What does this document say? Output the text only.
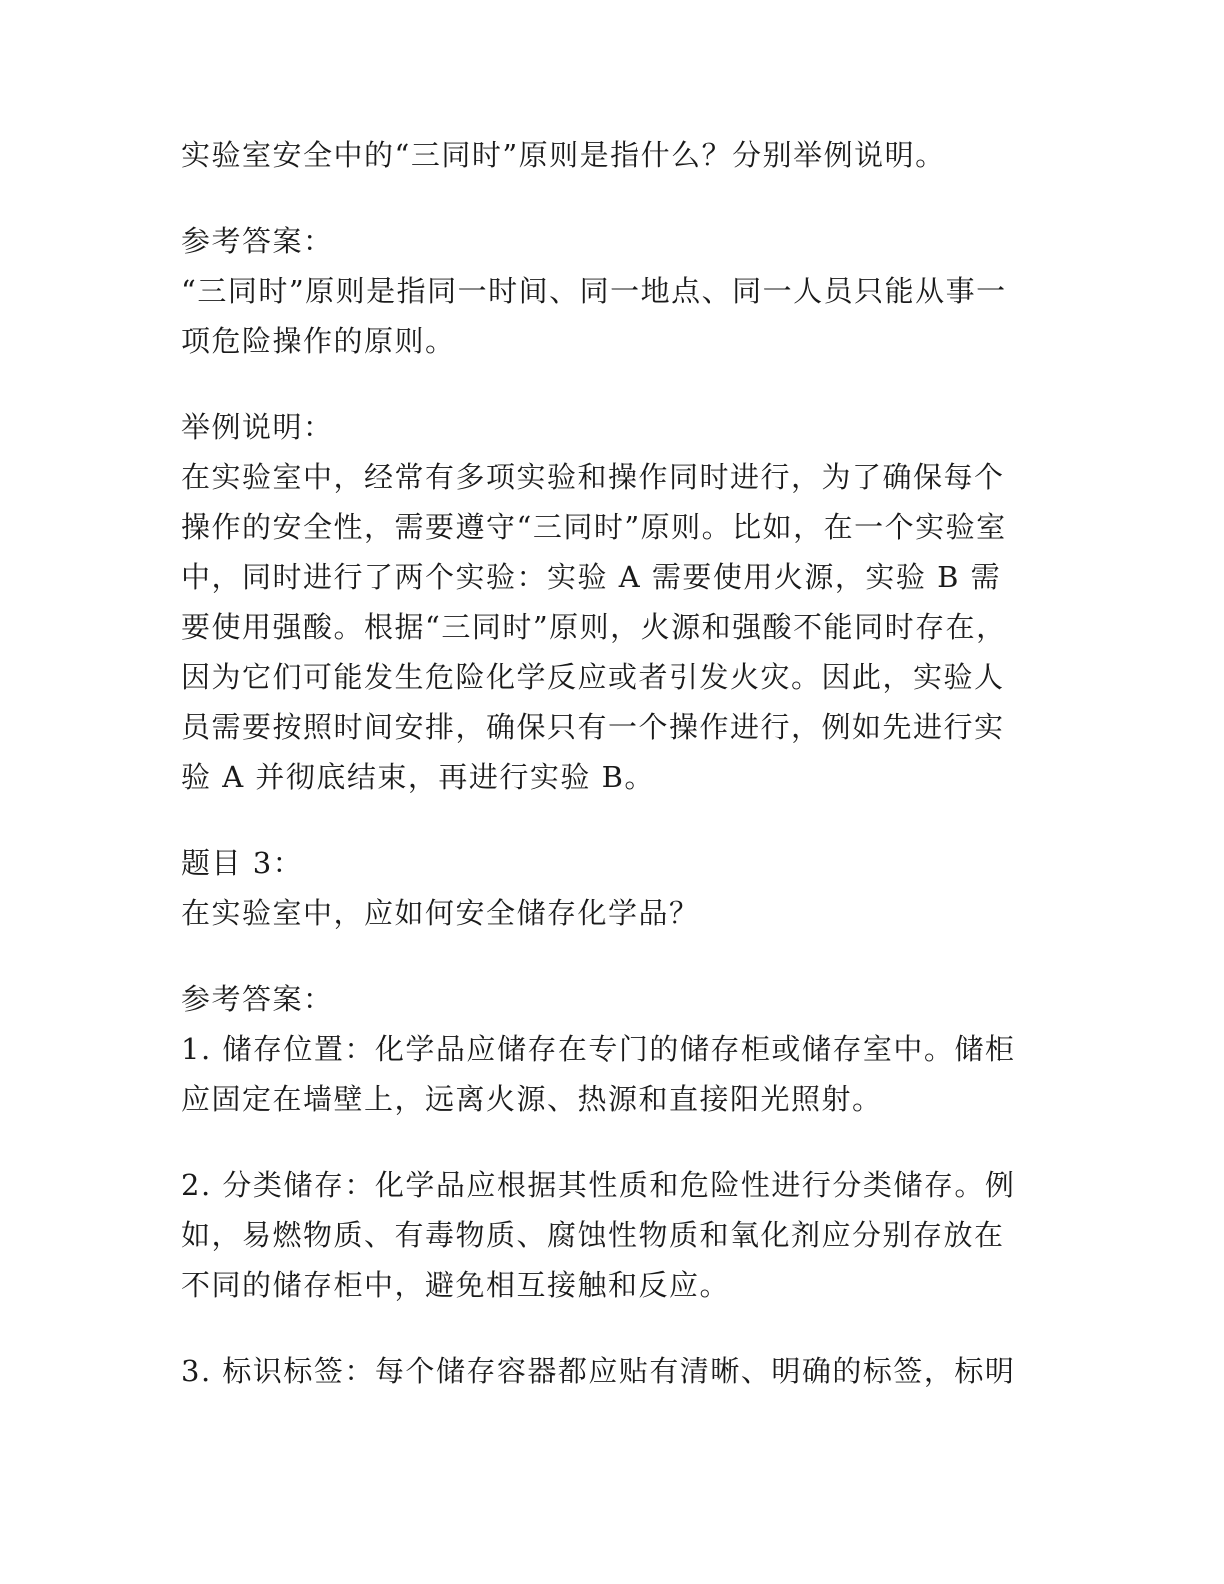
实验室安全中的“三同时”原则是指什么？分别举例说明。
参考答案：
“三同时”原则是指同一时间、同一地点、同一人员只能从事一
项危险操作的原则。
举例说明：
在实验室中，经常有多项实验和操作同时进行，为了确保每个
操作的安全性，需要遵守“三同时”原则。比如，在一个实验室
中，同时进行了两个实验：实验 A 需要使用火源，实验 B 需
要使用强酸。根据“三同时”原则，火源和强酸不能同时存在，
因为它们可能发生危险化学反应或者引发火灾。因此，实验人
员需要按照时间安排，确保只有一个操作进行，例如先进行实
验 A 并彻底结束，再进行实验 B。
题目 3：
在实验室中，应如何安全储存化学品？
参考答案：
1. 储存位置：化学品应储存在专门的储存柜或储存室中。储柜
应固定在墙壁上，远离火源、热源和直接阳光照射。
2. 分类储存：化学品应根据其性质和危险性进行分类储存。例
如，易燃物质、有毒物质、腐蚀性物质和氧化剂应分别存放在
不同的储存柜中，避免相互接触和反应。
3. 标识标签：每个储存容器都应贴有清晰、明确的标签，标明
